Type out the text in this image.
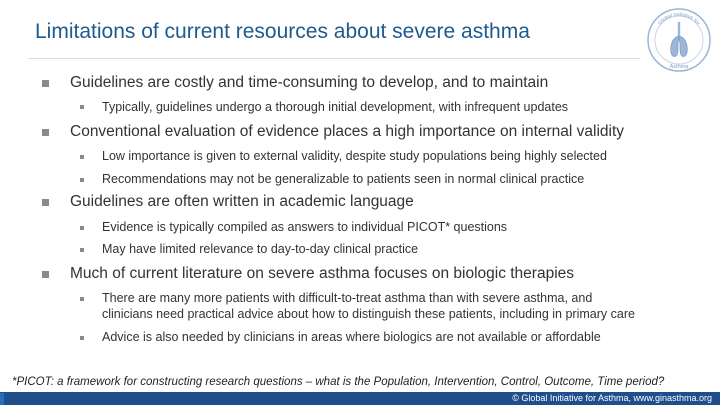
Limitations of current resources about severe asthma	Global Initiative for
Asthma
Guidelines are costly and time-consuming to develop, and to maintain
Typically, guidelines undergo a thorough initial development, with infrequent updates
Conventional evaluation of evidence places a high importance on internal validity
Low importance is given to external validity, despite study populations being highly selected
Recommendations may not be generalizable to patients seen in normal clinical practice
Guidelines are often written in academic language
Evidence is typically compiled as answers to individual PICOT* questions
May have limited relevance to day-to-day clinical practice
Much of current literature on severe asthma focuses on biologic therapies
There are many more patients with difficult-to-treat asthma than with severe asthma, and
clinicians need practical advice about how to distinguish these patients, including in primary care
Advice is also needed by clinicians in areas where biologics are not available or affordable
*PICOT: a framework for constructing research questions – what is the Population, Intervention, Control, Outcome, Time period?
© Global Initiative for Asthma, www.ginasthma.org
